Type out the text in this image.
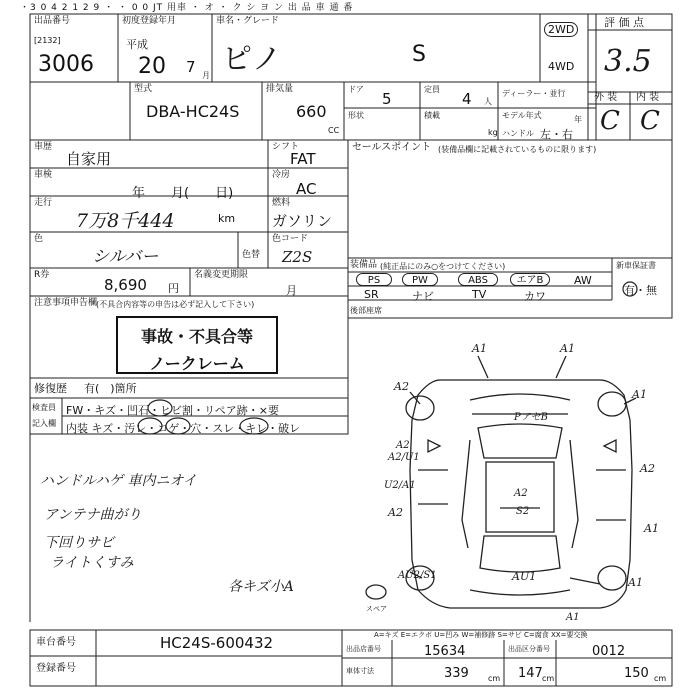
・3 0 4 2 1 2 9 ・ ・ 0 0 JT 用車 ・ オ ・ ク シ ヨ ン 出 品 車 通 番
出品番号
[2132]
3006
初度登録年月
平成
20 7 月
車名・グレード
ピノ	S
2WD
4WD
評 価 点
3.5
外 装 内 装
C C
型式
DBA-HC24S
排気量
660
CC
ドア
5
定員
4 人
ディーラー・並行
形状	積載
kg
モデル年式	年
ハンドル 左・右
車歴
自家用
シフト
FAT
車検
年　　月(　　日)
冷房
AC
走行
7万8千444	km
燃料
ガソリン
色
シルバー	色替
色コード
Z2S
R券
8,690 円
名義変更期限
月
注意事項申告欄
(不具合内容等の申告は必ず記入して下さい)
事故・不具合等
ノークレーム
修復歴 有(　)箇所
検査員
記入欄
FW・キズ・凹石・ヒビ割・リペア跡・×要
内装 キズ・汚レ・コゲ・穴・スレ・キレ・破レ
セールスポイント (装備品欄に記載されているものに限ります)
装備品 (純正品にのみ○をつけてください)	新車保証書
有・無
PS	PW	ABS	エアB	AW
SR	ナビ	TV	カワ
後部座席
ハンドルハゲ 車内ニオイ
アンテナ曲がり
下回りサビ
ライトくすみ
各キズ小A
A1	A1
A2
A1
PアセB
A2
A2/U1
U2/A1
A2
A2
A2
S2
A1
AU2/S1	AU1	A1
A1
スペア
A=キズ E=エクボ U=凹み W=補修跡 S=サビ C=腐食 XX=要交換
車台番号	HC24S-600432
登録番号
出品店番号	15634	出品区分番号	0012
車体寸法	339 cm 147 cm	150 cm
